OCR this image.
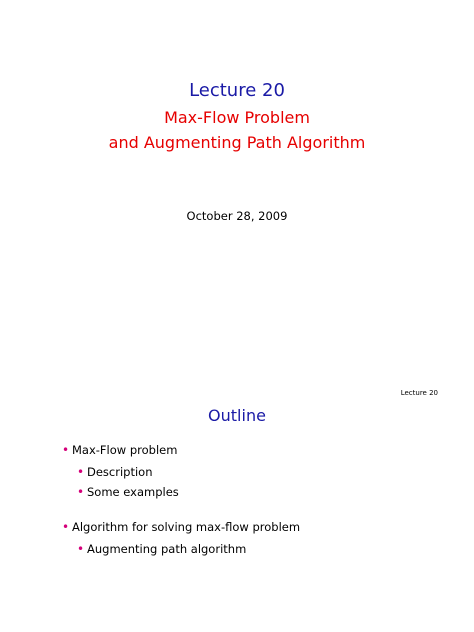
Lecture 20
Max-Flow Problem
and Augmenting Path Algorithm
October 28, 2009
Lecture 20
Outline
• Max-Flow problem
• Description
• Some examples
• Algorithm for solving max-flow problem
• Augmenting path algorithm
